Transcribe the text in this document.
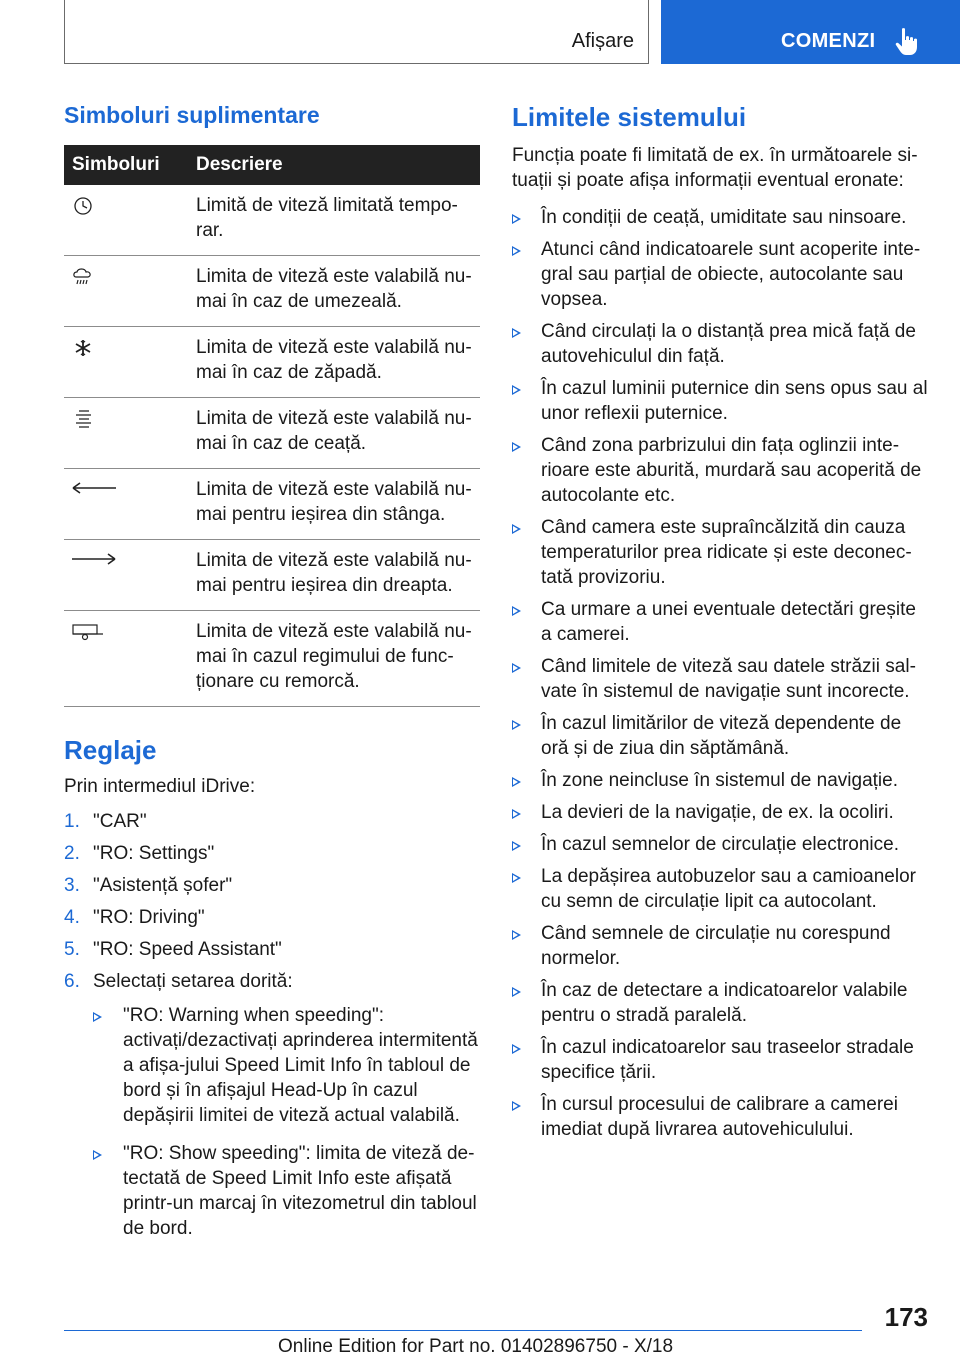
Afișare	COMENZI
Simboluri suplimentare
Simboluri	Descriere
	Limită de viteză limitată tempo-rar.
	Limita de viteză este valabilă nu-mai în caz de umezeală.
	Limita de viteză este valabilă nu-mai în caz de zăpadă.
	Limita de viteză este valabilă nu-mai în caz de ceață.
	Limita de viteză este valabilă nu-mai pentru ieșirea din stânga.
	Limita de viteză este valabilă nu-mai pentru ieșirea din dreapta.
	Limita de viteză este valabilă nu-mai în cazul regimului de func-ționare cu remorcă.
Reglaje

Prin intermediul iDrive:

1. "CAR"
2. "RO: Settings"
3. "Asistență șofer"
4. "RO: Driving"
5. "RO: Speed Assistant"
6. Selectați setarea dorită:
"RO: Warning when speeding": activați/dezactivați aprinderea intermitentă a afișa-jului Speed Limit Info în tabloul de bord și în afișajul Head-Up în cazul depășirii limitei de viteză actual valabilă.
"RO: Show speeding": limita de viteză de-tectată de Speed Limit Info este afișată printr-un marcaj în vitezometrul din tabloul de bord.
Limitele sistemului

Funcția poate fi limitată de ex. în următoarele si-tuații și poate afișa informații eventual eronate:

În condiții de ceață, umiditate sau ninsoare.
Atunci când indicatoarele sunt acoperite inte-gral sau parțial de obiecte, autocolante sau vopsea.
Când circulați la o distanță prea mică față de autovehiculul din față.
În cazul luminii puternice din sens opus sau al unor reflexii puternice.
Când zona parbrizului din fața oglinzii inte-rioare este aburită, murdară sau acoperită de autocolante etc.
Când camera este supraîncălzită din cauza temperaturilor prea ridicate și este deconec-tată provizoriu.
Ca urmare a unei eventuale detectări greșite a camerei.
Când limitele de viteză sau datele străzii sal-vate în sistemul de navigație sunt incorecte.
În cazul limitărilor de viteză dependente de oră și de ziua din săptămână.
În zone neincluse în sistemul de navigație.
La devieri de la navigație, de ex. la ocoliri.
În cazul semnelor de circulație electronice.
La depășirea autobuzelor sau a camioanelor cu semn de circulație lipit ca autocolant.
Când semnele de circulație nu corespund normelor.
În caz de detectare a indicatoarelor valabile pentru o stradă paralelă.
În cazul indicatoarelor sau traseelor stradale specifice țării.
În cursul procesului de calibrare a camerei imediat după livrarea autovehiculului.
173
Online Edition for Part no. 01402896750 - X/18
